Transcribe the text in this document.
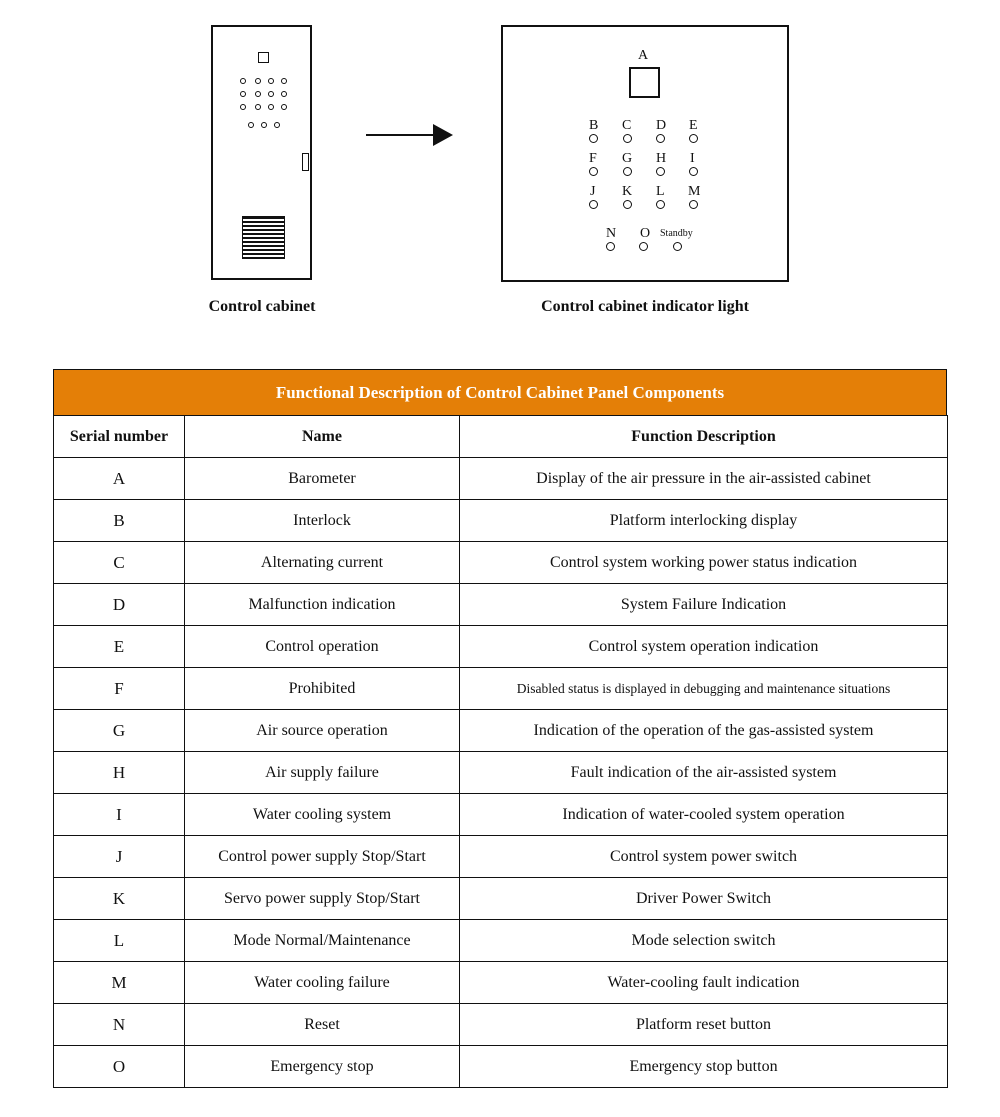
Control cabinet
A
B C D E
F G H I
J K L M
N O Standby
Control cabinet indicator light
Functional Description of Control Cabinet Panel Components
Serial number	Name	Function Description
A	Barometer	Display of the air pressure in the air-assisted cabinet
B	Interlock	Platform interlocking display
C	Alternating current	Control system working power status indication
D	Malfunction indication	System Failure Indication
E	Control operation	Control system operation indication
F	Prohibited	Disabled status is displayed in debugging and maintenance situations
G	Air source operation	Indication of the operation of the gas-assisted system
H	Air supply failure	Fault indication of the air-assisted system
I	Water cooling system	Indication of water-cooled system operation
J	Control power supply Stop/Start	Control system power switch
K	Servo power supply Stop/Start	Driver Power Switch
L	Mode Normal/Maintenance	Mode selection switch
M	Water cooling failure	Water-cooling fault indication
N	Reset	Platform reset button
O	Emergency stop	Emergency stop button
